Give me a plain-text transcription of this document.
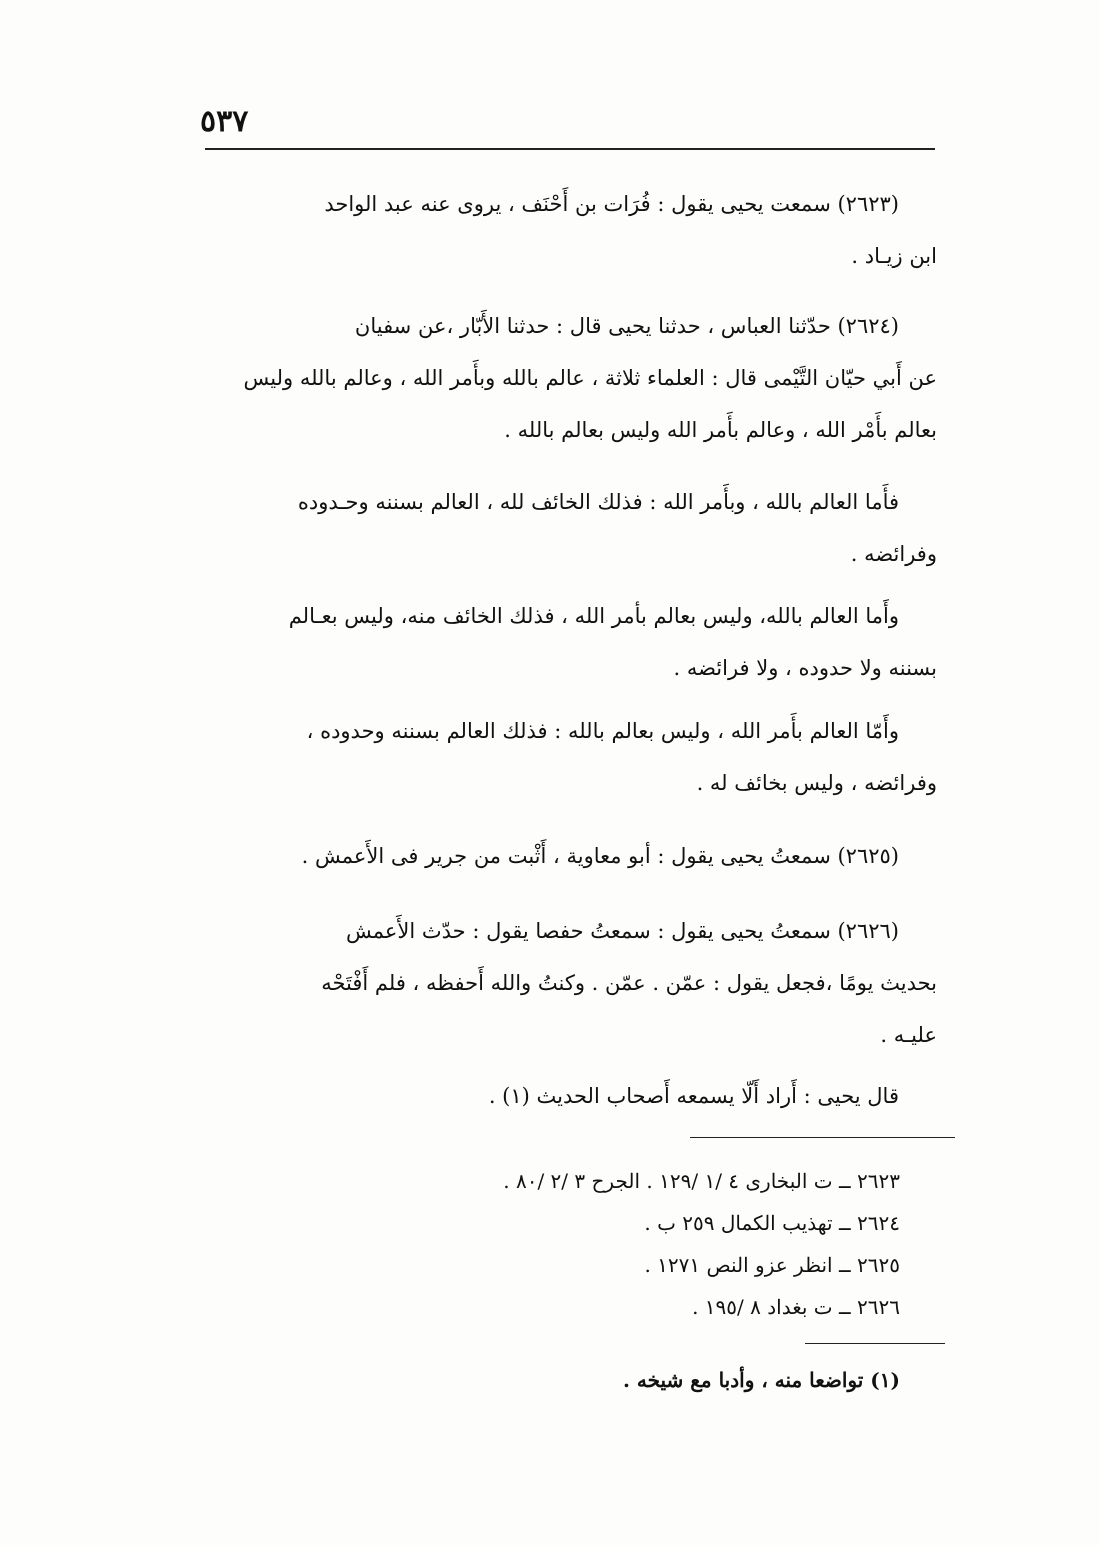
٥٣٧
(٢٦٢٣) سمعت يحيى يقول : فُرَات بن أَحْنَف ، يروى عنه عبد الواحد
ابن زيـاد .
(٢٦٢٤) حدّثنا العباس ، حدثنا يحيى قال : حدثنا الأَبّار ،عن سفيان
عن أَبي حيّان التَّيْمى قال : العلماء ثلاثة ، عالم بالله وبأَمر الله ، وعالم بالله وليس
بعالم بأَمْر الله ، وعالم بأَمر الله وليس بعالم بالله .
فأَما العالم بالله ، وبأَمر الله : فذلك الخائف لله ، العالم بسننه وحـدوده
وفرائضه .
وأَما العالم بالله، وليس بعالم بأمر الله ، فذلك الخائف منه، وليس بعـالم
بسننه ولا حدوده ، ولا فرائضه .
وأَمّا العالم بأَمر الله ، وليس بعالم بالله : فذلك العالم بسننه وحدوده ،
وفرائضه ، وليس بخائف له .
(٢٦٢٥) سمعتُ يحيى يقول : أبو معاوية ، أَثْبت من جرير فى الأَعمش .
(٢٦٢٦) سمعتُ يحيى يقول : سمعتُ حفصا يقول : حدّث الأَعمش
بحديث يومًا ،فجعل يقول : عمّن . عمّن . وكنتُ والله أَحفظه ، فلم أَفْتَحْه
عليـه .
قال يحيى : أَراد أَلّا يسمعه أَصحاب الحديث (١) .
٢٦٢٣ ــ ت البخارى ٤ /١ /١٢٩ . الجرح ٣ /٢ /٨٠ .
٢٦٢٤ ــ تهذيب الكمال ٢٥٩ ب .
٢٦٢٥ ــ انظر عزو النص ١٢٧١ .
٢٦٢٦ ــ ت بغداد ٨ /١٩٥ .
(١) تواضعا منه ، وأدبا مع شيخه .
